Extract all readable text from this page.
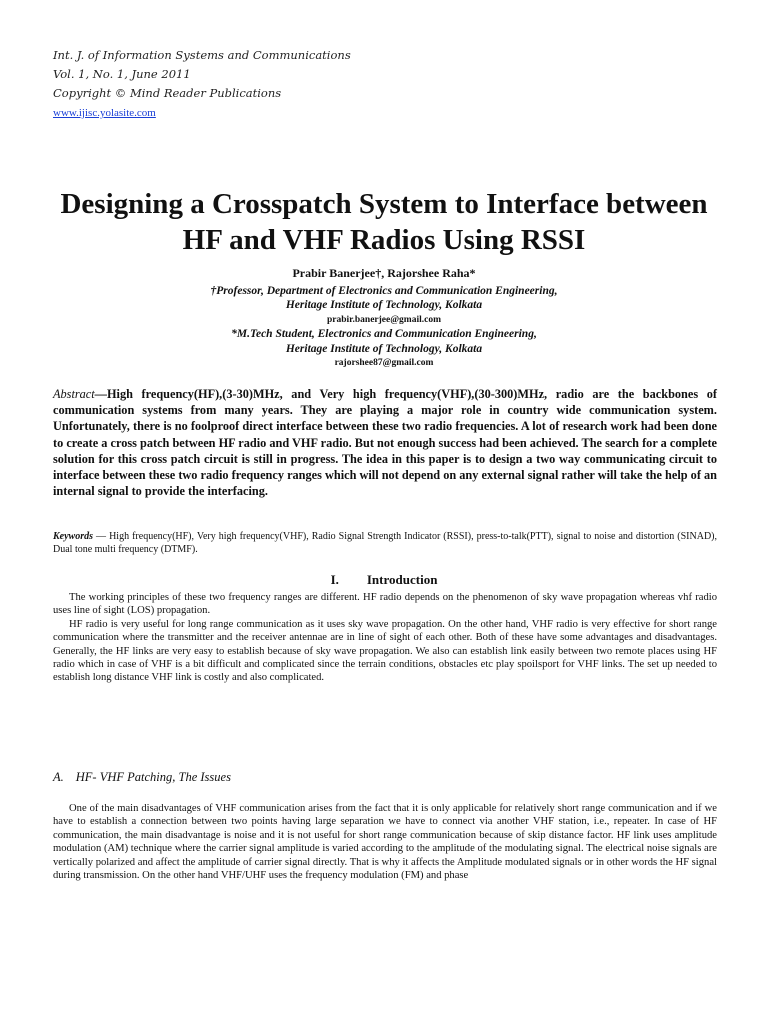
Int. J. of Information Systems and Communications
Vol. 1, No. 1, June 2011
Copyright © Mind Reader Publications
www.ijisc.yolasite.com
Designing a Crosspatch System to Interface between HF and VHF Radios Using RSSI
Prabir Banerjee†, Rajorshee Raha*
†Professor, Department of Electronics and Communication Engineering,
Heritage Institute of Technology, Kolkata
prabir.banerjee@gmail.com
*M.Tech Student, Electronics and Communication Engineering,
Heritage Institute of Technology, Kolkata
rajorshee87@gmail.com
Abstract—High frequency(HF),(3-30)MHz, and Very high frequency(VHF),(30-300)MHz, radio are the backbones of communication systems from many years. They are playing a major role in country wide communication system. Unfortunately, there is no foolproof direct interface between these two radio frequencies. A lot of research work had been done to create a cross patch between HF radio and VHF radio. But not enough success had been achieved. The search for a complete solution for this cross patch circuit is still in progress. The idea in this paper is to design a two way communicating circuit to interface between these two radio frequency ranges which will not depend on any external signal rather will take the help of an internal signal to provide the interfacing.
Keywords — High frequency(HF), Very high frequency(VHF), Radio Signal Strength Indicator (RSSI), press-to-talk(PTT), signal to noise and distortion (SINAD), Dual tone multi frequency (DTMF).
I. Introduction

The working principles of these two frequency ranges are different. HF radio depends on the phenomenon of sky wave propagation whereas vhf radio uses line of sight (LOS) propagation.

HF radio is very useful for long range communication as it uses sky wave propagation. On the other hand, VHF radio is very effective for short range communication where the transmitter and the receiver antennae are in line of sight of each other. Both of these have some advantages and disadvantages. Generally, the HF links are very easy to establish because of sky wave propagation. We also can establish link easily between two remote places using HF radio which in case of VHF is a bit difficult and complicated since the terrain conditions, obstacles etc play spoilsport for VHF links. The set up needed to establish long distance VHF link is costly and also complicated.

A. HF- VHF Patching, The Issues

One of the main disadvantages of VHF communication arises from the fact that it is only applicable for relatively short range communication and if we have to establish a connection between two points having large separation we have to connect via another VHF station, i.e., repeater. In case of HF communication, the main disadvantage is noise and it is not useful for short range communication because of skip distance factor. HF link uses amplitude modulation (AM) technique where the carrier signal amplitude is varied according to the amplitude of the modulating signal. The electrical noise signals are vertically polarized and affect the amplitude of carrier signal directly. That is why it affects the Amplitude modulated signals or in other words the HF signal during transmission. On the other hand VHF/UHF uses the frequency modulation (FM) and phase
